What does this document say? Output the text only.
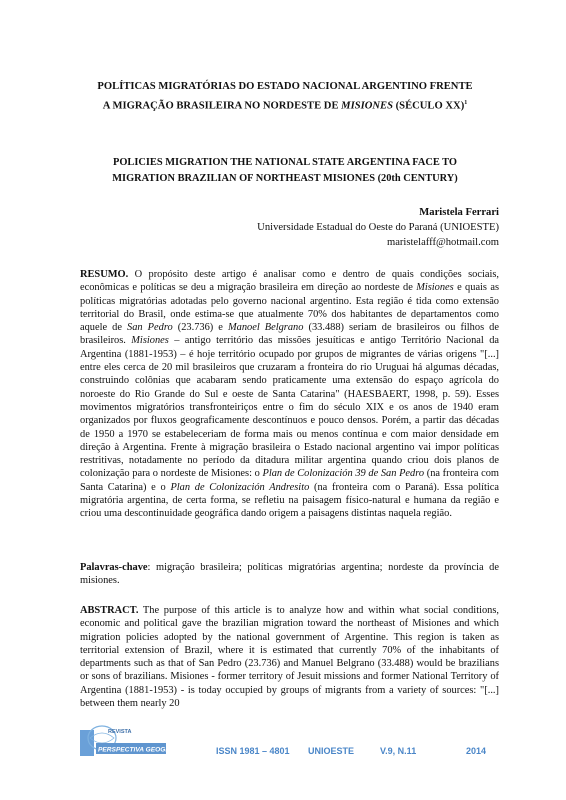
POLÍTICAS MIGRATÓRIAS DO ESTADO NACIONAL ARGENTINO FRENTE
A MIGRAÇÃO BRASILEIRA NO NORDESTE DE MISIONES (SÉCULO XX)$^1$
POLICIES MIGRATION THE NATIONAL STATE ARGENTINA FACE TO
MIGRATION BRAZILIAN OF NORTHEAST MISIONES (20th CENTURY)
Maristela Ferrari
Universidade Estadual do Oeste do Paraná (UNIOESTE)
maristelafff@hotmail.com
RESUMO. O propósito deste artigo é analisar como e dentro de quais condições sociais, econômicas e políticas se deu a migração brasileira em direção ao nordeste de Misiones e quais as políticas migratórias adotadas pelo governo nacional argentino. Esta região é tida como extensão territorial do Brasil, onde estima-se que atualmente 70% dos habitantes de departamentos como aquele de San Pedro (23.736) e Manoel Belgrano (33.488) seriam de brasileiros ou filhos de brasileiros. Misiones – antigo território das missões jesuíticas e antigo Território Nacional da Argentina (1881-1953) – é hoje território ocupado por grupos de migrantes de várias origens "[...] entre eles cerca de 20 mil brasileiros que cruzaram a fronteira do rio Uruguai há algumas décadas, construindo colônias que acabaram sendo praticamente uma extensão do espaço agrícola do noroeste do Rio Grande do Sul e oeste de Santa Catarina" (HAESBAERT, 1998, p. 59). Esses movimentos migratórios transfronteiriços entre o fim do século XIX e os anos de 1940 eram organizados por fluxos geograficamente descontínuos e pouco densos. Porém, a partir das décadas de 1950 a 1970 se estabeleceriam de forma mais ou menos contínua e com maior densidade em direção à Argentina. Frente à migração brasileira o Estado nacional argentino vai impor políticas restritivas, notadamente no período da ditadura militar argentina quando criou dois planos de colonização para o nordeste de Misiones: o Plan de Colonización 39 de San Pedro (na fronteira com Santa Catarina) e o Plan de Colonización Andresito (na fronteira com o Paraná). Essa política migratória argentina, de certa forma, se refletiu na paisagem físico-natural e humana da região e criou uma descontinuidade geográfica dando origem a paisagens distintas naquela região.
Palavras-chave: migração brasileira; políticas migratórias argentina; nordeste da província de misiones.
ABSTRACT. The purpose of this article is to analyze how and within what social conditions, economic and political gave the brazilian migration toward the northeast of Misiones and which migration policies adopted by the national government of Argentine. This region is taken as territorial extension of Brazil, where it is estimated that currently 70% of the inhabitants of departments such as that of San Pedro (23.736) and Manuel Belgrano (33.488) would be brazilians or sons of brazilians. Misiones - former territory of Jesuit missions and former National Territory of Argentina (1881-1953) - is today occupied by groups of migrants from a variety of sources: "[...] between them nearly 20
REVISTA
PERSPECTIVA GEOGRÁFICA	ISSN 1981 – 4801 UNIOESTE	V.9, N.11	2014
